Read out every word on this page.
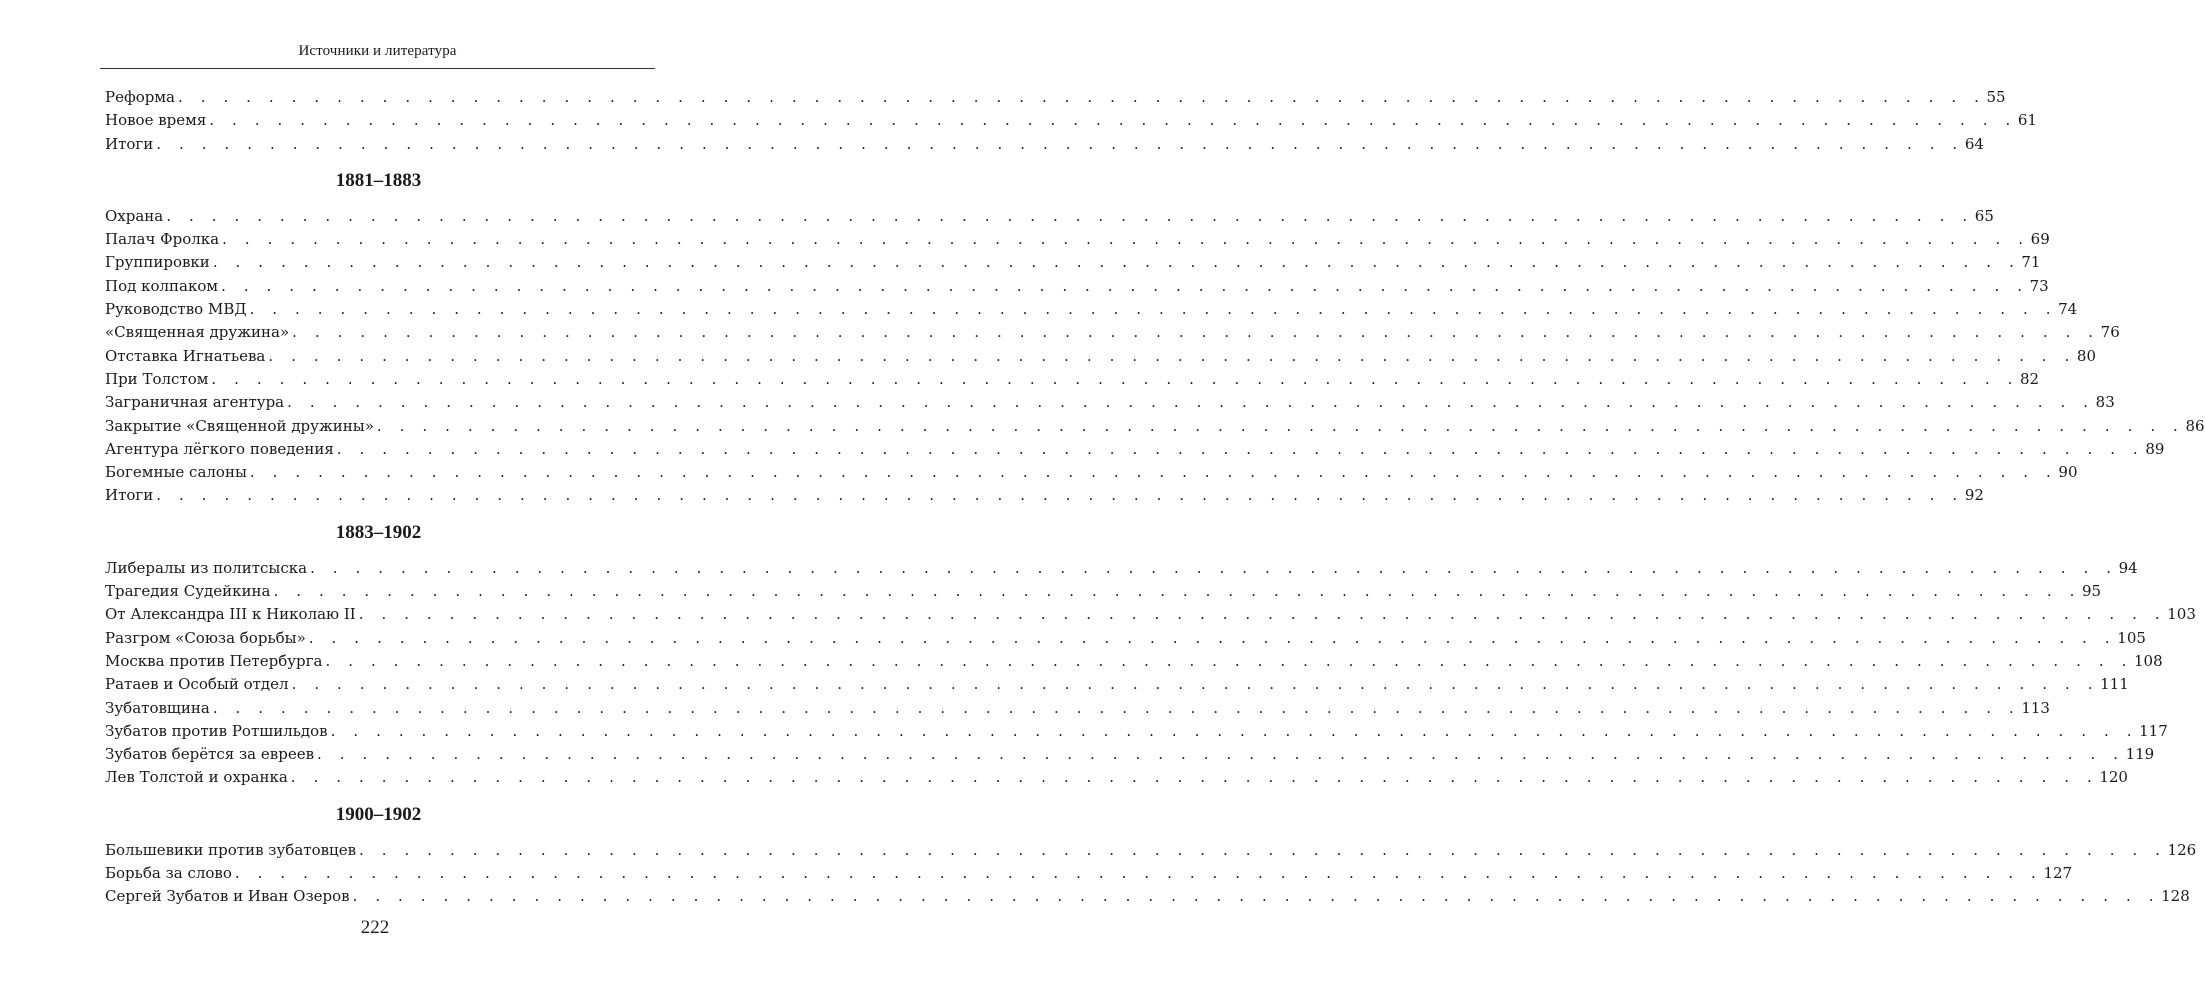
Источники и литература
Реформа . . . . . . . . . . . . . . . . . . . . . . . . . . . . . . . . . . . . . . . . . . . . . . . . . . . . . . . . . . . . . . . . . . . . . . . . . . . . . . . . 55
Новое время . . . . . . . . . . . . . . . . . . . . . . . . . . . . . . . . . . . . . . . . . . . . . . . . . . . . . . . . . . . . . . . . . . . . . . . . . . . . . . . . 61
Итоги . . . . . . . . . . . . . . . . . . . . . . . . . . . . . . . . . . . . . . . . . . . . . . . . . . . . . . . . . . . . . . . . . . . . . . . . . . . . . . . . 64
1881–1883
Охрана . . . . . . . . . . . . . . . . . . . . . . . . . . . . . . . . . . . . . . . . . . . . . . . . . . . . . . . . . . . . . . . . . . . . . . . . . . . . . . . . 65
Палач Фролка . . . . . . . . . . . . . . . . . . . . . . . . . . . . . . . . . . . . . . . . . . . . . . . . . . . . . . . . . . . . . . . . . . . . . . . . . . . . . . . . 69
Группировки . . . . . . . . . . . . . . . . . . . . . . . . . . . . . . . . . . . . . . . . . . . . . . . . . . . . . . . . . . . . . . . . . . . . . . . . . . . . . . . . 71
Под колпаком . . . . . . . . . . . . . . . . . . . . . . . . . . . . . . . . . . . . . . . . . . . . . . . . . . . . . . . . . . . . . . . . . . . . . . . . . . . . . . . . 73
Руководство МВД . . . . . . . . . . . . . . . . . . . . . . . . . . . . . . . . . . . . . . . . . . . . . . . . . . . . . . . . . . . . . . . . . . . . . . . . . . . . . . . . 74
«Священная дружина» . . . . . . . . . . . . . . . . . . . . . . . . . . . . . . . . . . . . . . . . . . . . . . . . . . . . . . . . . . . . . . . . . . . . . . . . . . . . . . . . 76
Отставка Игнатьева . . . . . . . . . . . . . . . . . . . . . . . . . . . . . . . . . . . . . . . . . . . . . . . . . . . . . . . . . . . . . . . . . . . . . . . . . . . . . . . . 80
При Толстом . . . . . . . . . . . . . . . . . . . . . . . . . . . . . . . . . . . . . . . . . . . . . . . . . . . . . . . . . . . . . . . . . . . . . . . . . . . . . . . . 82
Заграничная агентура . . . . . . . . . . . . . . . . . . . . . . . . . . . . . . . . . . . . . . . . . . . . . . . . . . . . . . . . . . . . . . . . . . . . . . . . . . . . . . . . 83
Закрытие «Священной дружины» . . . . . . . . . . . . . . . . . . . . . . . . . . . . . . . . . . . . . . . . . . . . . . . . . . . . . . . . . . . . . . . . . . . . . . . . . . . . . . . . 86
Агентура лёгкого поведения . . . . . . . . . . . . . . . . . . . . . . . . . . . . . . . . . . . . . . . . . . . . . . . . . . . . . . . . . . . . . . . . . . . . . . . . . . . . . . . . 89
Богемные салоны . . . . . . . . . . . . . . . . . . . . . . . . . . . . . . . . . . . . . . . . . . . . . . . . . . . . . . . . . . . . . . . . . . . . . . . . . . . . . . . . 90
Итоги . . . . . . . . . . . . . . . . . . . . . . . . . . . . . . . . . . . . . . . . . . . . . . . . . . . . . . . . . . . . . . . . . . . . . . . . . . . . . . . . 92
1883–1902
Либералы из политсыска . . . . . . . . . . . . . . . . . . . . . . . . . . . . . . . . . . . . . . . . . . . . . . . . . . . . . . . . . . . . . . . . . . . . . . . . . . . . . . . . 94
Трагедия Судейкина . . . . . . . . . . . . . . . . . . . . . . . . . . . . . . . . . . . . . . . . . . . . . . . . . . . . . . . . . . . . . . . . . . . . . . . . . . . . . . . . 95
От Александра III к Николаю II . . . . . . . . . . . . . . . . . . . . . . . . . . . . . . . . . . . . . . . . . . . . . . . . . . . . . . . . . . . . . . . . . . . . . . . . . . . . . . . . 103
Разгром «Союза борьбы» . . . . . . . . . . . . . . . . . . . . . . . . . . . . . . . . . . . . . . . . . . . . . . . . . . . . . . . . . . . . . . . . . . . . . . . . . . . . . . . . 105
Москва против Петербурга . . . . . . . . . . . . . . . . . . . . . . . . . . . . . . . . . . . . . . . . . . . . . . . . . . . . . . . . . . . . . . . . . . . . . . . . . . . . . . . . 108
Ратаев и Особый отдел . . . . . . . . . . . . . . . . . . . . . . . . . . . . . . . . . . . . . . . . . . . . . . . . . . . . . . . . . . . . . . . . . . . . . . . . . . . . . . . . 111
Зубатовщина . . . . . . . . . . . . . . . . . . . . . . . . . . . . . . . . . . . . . . . . . . . . . . . . . . . . . . . . . . . . . . . . . . . . . . . . . . . . . . . . 113
Зубатов против Ротшильдов . . . . . . . . . . . . . . . . . . . . . . . . . . . . . . . . . . . . . . . . . . . . . . . . . . . . . . . . . . . . . . . . . . . . . . . . . . . . . . . . 117
Зубатов берётся за евреев . . . . . . . . . . . . . . . . . . . . . . . . . . . . . . . . . . . . . . . . . . . . . . . . . . . . . . . . . . . . . . . . . . . . . . . . . . . . . . . . 119
Лев Толстой и охранка . . . . . . . . . . . . . . . . . . . . . . . . . . . . . . . . . . . . . . . . . . . . . . . . . . . . . . . . . . . . . . . . . . . . . . . . . . . . . . . . 120
1900–1902
Большевики против зубатовцев . . . . . . . . . . . . . . . . . . . . . . . . . . . . . . . . . . . . . . . . . . . . . . . . . . . . . . . . . . . . . . . . . . . . . . . . . . . . . . . . 126
Борьба за слово . . . . . . . . . . . . . . . . . . . . . . . . . . . . . . . . . . . . . . . . . . . . . . . . . . . . . . . . . . . . . . . . . . . . . . . . . . . . . . . . 127
Сергей Зубатов и Иван Озеров . . . . . . . . . . . . . . . . . . . . . . . . . . . . . . . . . . . . . . . . . . . . . . . . . . . . . . . . . . . . . . . . . . . . . . . . . . . . . . . . 128
222
